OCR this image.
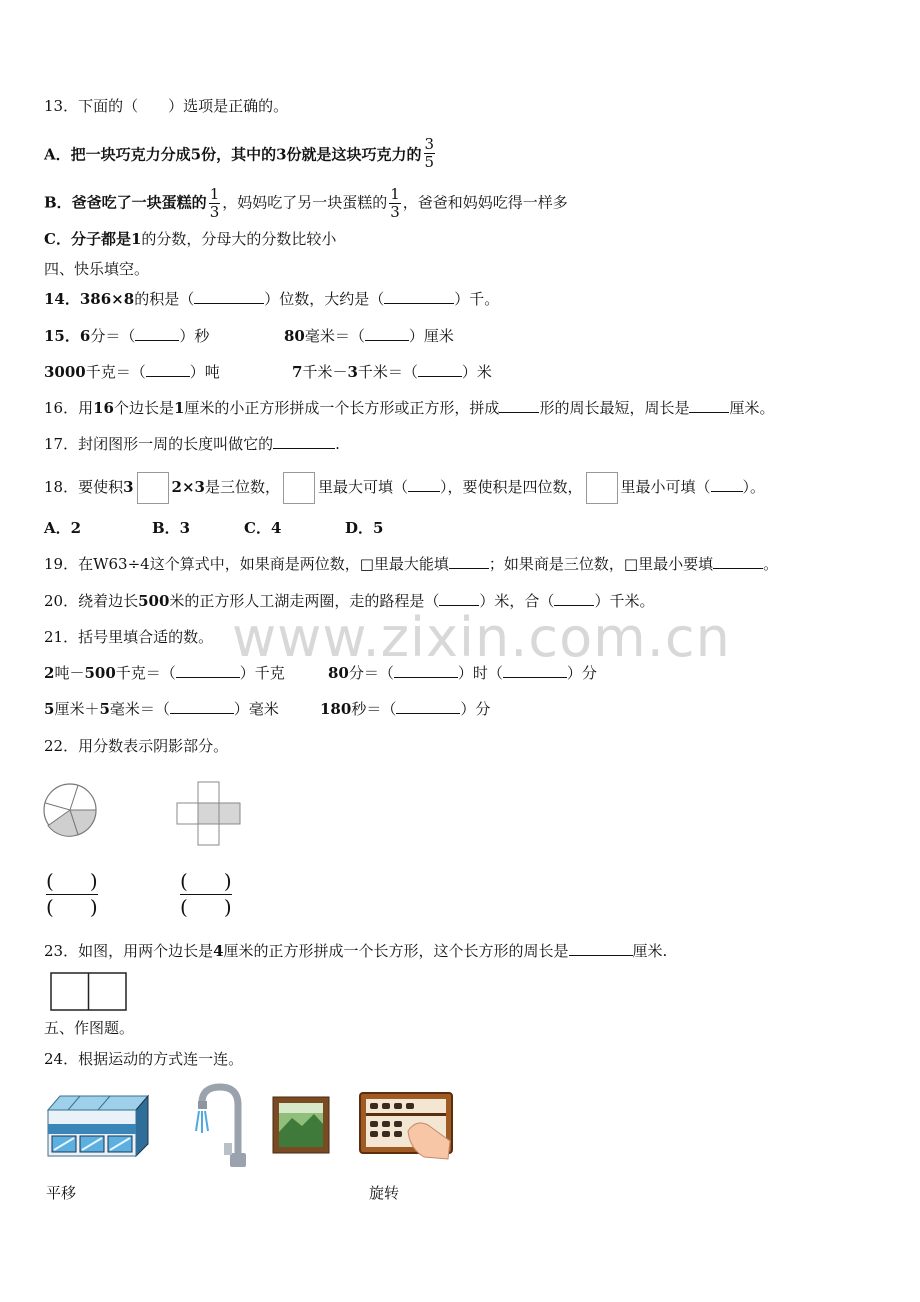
www.zixin.com.cn
13．下面的（　　）选项是正确的。
A．把一块巧克力分成5份，其中的3份就是这块巧克力的 $\frac{3}{5}$
B．爸爸吃了一块蛋糕的 $\frac{1}{3}$ ，妈妈吃了另一块蛋糕的 $\frac{1}{3}$ ，爸爸和妈妈吃得一样多
C．分子都是1的分数，分母大的分数比较小
四、快乐填空。
14．386×8的积是（	）位数，大约是（	）千。
15．6分＝（	）秒	80毫米＝（	）厘米
3000千克＝（	）吨	7千米－3千米＝（	）米
16．用16个边长是1厘米的小正方形拼成一个长方形或正方形，拼成	形的周长最短，周长是	厘米。
17．封闭图形一周的长度叫做它的	.
18．要使积3	2×3是三位数，	里最大可填（ ），要使积是四位数，	里最小可填（ ）。
A．2	B．3	C．4	D．5
19．在W63÷4这个算式中，如果商是两位数，□里最大能填	；如果商是三位数，□里最小要填	。
20．绕着边长500米的正方形人工湖走两圈，走的路程是（	）米，合（	）千米。
21．括号里填合适的数。
2吨－500千克＝（	）千克	80分＝（	）时（	）分
5厘米＋5毫米＝（	）毫米	180秒＝（	）分
22．用分数表示阴影部分。
( )
( )
( )
( )
23．如图，用两个边长是4厘米的正方形拼成一个长方形，这个长方形的周长是	厘米.
五、作图题。
24．根据运动的方式连一连。
平移	旋转
